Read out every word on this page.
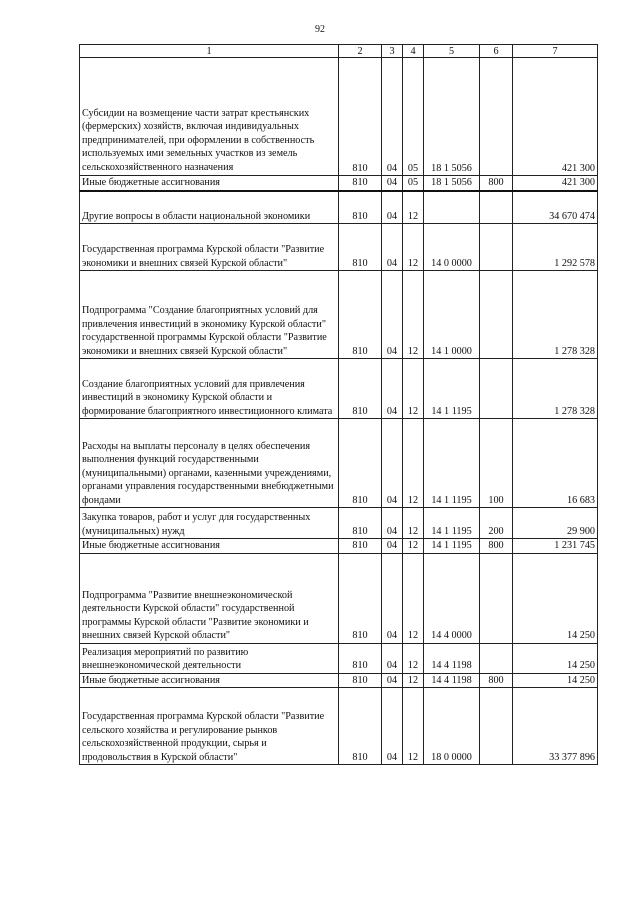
92
1	2	3	4	5	6	7
Субсидии на возмещение части затрат крестьянских (фермерских) хозяйств, включая индивидуальных предпринимателей, при оформлении в собственность используемых ими земельных участков из земель сельскохозяйственного назначения	810	04	05	18 1 5056		421 300
Иные бюджетные ассигнования	810	04	05	18 1 5056	800	421 300
Другие вопросы в области национальной экономики	810	04	12			34 670 474
Государственная программа Курской области "Развитие экономики и внешних связей Курской области"	810	04	12	14 0 0000		1 292 578
Подпрограмма "Создание благоприятных условий для привлечения инвестиций в экономику Курской области" государственной программы Курской области "Развитие экономики и внешних связей Курской области"	810	04	12	14 1 0000		1 278 328
Создание благоприятных условий для привлечения инвестиций в экономику Курской области и формирование благоприятного инвестиционного климата	810	04	12	14 1 1195		1 278 328
Расходы на выплаты персоналу в целях обеспечения выполнения функций государственными (муниципальными) органами, казенными учреждениями, органами управления государственными внебюджетными фондами	810	04	12	14 1 1195	100	16 683
Закупка товаров, работ и услуг для государственных (муниципальных) нужд	810	04	12	14 1 1195	200	29 900
Иные бюджетные ассигнования	810	04	12	14 1 1195	800	1 231 745
Подпрограмма "Развитие внешнеэкономической деятельности Курской области" государственной программы Курской области "Развитие экономики и внешних связей Курской области"	810	04	12	14 4 0000		14 250
Реализация мероприятий по развитию внешнеэкономической деятельности	810	04	12	14 4 1198		14 250
Иные бюджетные ассигнования	810	04	12	14 4 1198	800	14 250
Государственная программа Курской области "Развитие сельского хозяйства и регулирование рынков сельскохозяйственной продукции, сырья и продовольствия в Курской области"	810	04	12	18 0 0000		33 377 896
